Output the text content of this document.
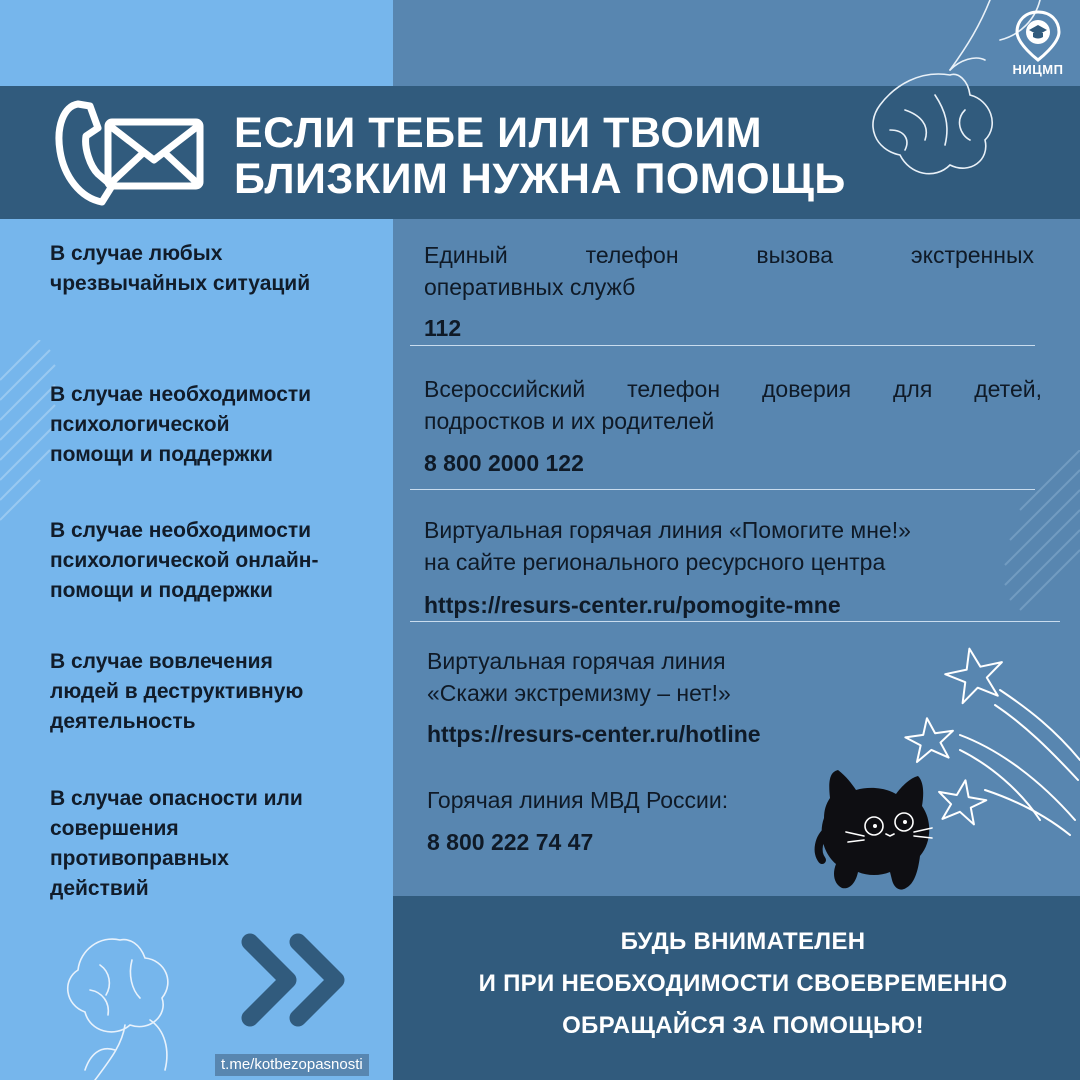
ЕСЛИ ТЕБЕ ИЛИ ТВОИМ
БЛИЗКИМ НУЖНА ПОМОЩЬ
НИЦМП

В случае любых
чрезвычайных ситуаций

Единый телефон вызова экстренных

оперативных служб

112

В случае необходимости
психологической
помощи и поддержки

Всероссийский телефон доверия для детей,

подростков и их родителей

8 800 2000 122

В случае необходимости
психологической онлайн-
помощи и поддержки

Виртуальная горячая линия «Помогите мне!»
на сайте регионального ресурсного центра

https://resurs-center.ru/pomogite-mne

В случае вовлечения
людей в деструктивную
деятельность

Виртуальная горячая линия
«Скажи экстремизму – нет!»

https://resurs-center.ru/hotline

В случае опасности или
совершения
противоправных
действий

Горячая линия МВД России:

8 800 222 74 47

БУДЬ ВНИМАТЕЛЕН
И ПРИ НЕОБХОДИМОСТИ СВОЕВРЕМЕННО
ОБРАЩАЙСЯ ЗА ПОМОЩЬЮ!

t.me/kotbezopasnosti
